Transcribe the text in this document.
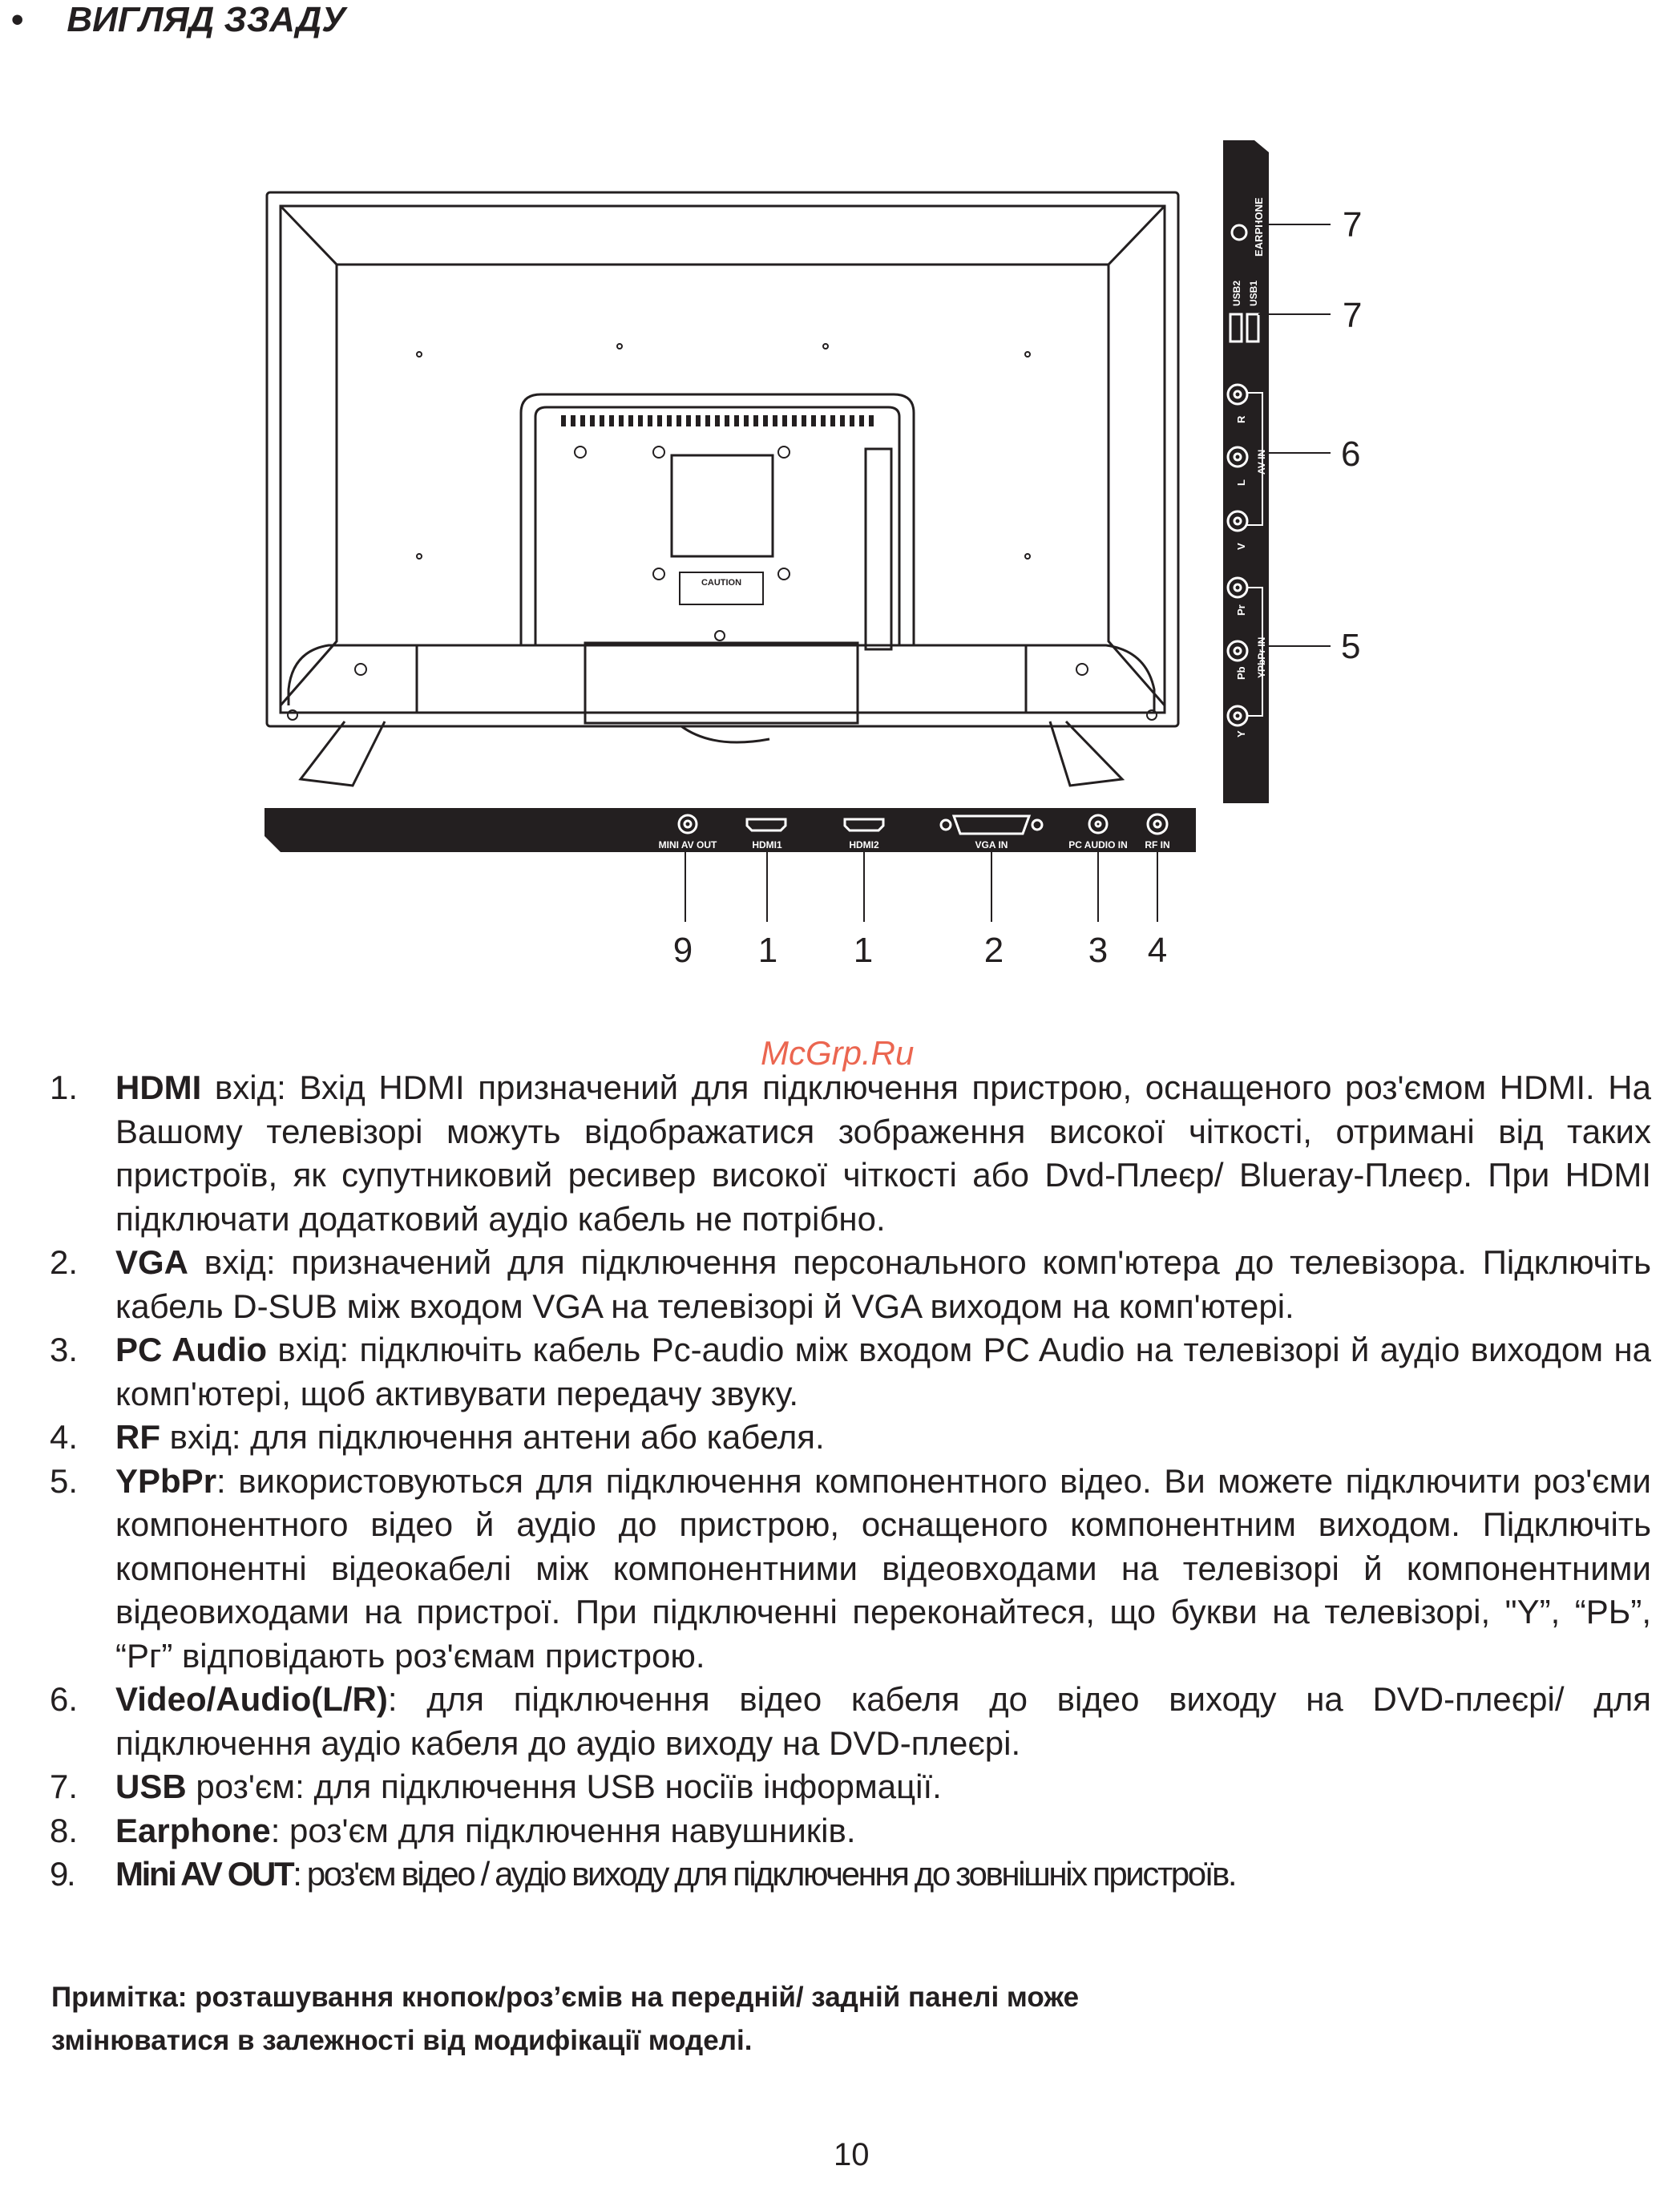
• ВИГЛЯД ЗЗАДУ
CAUTION
EARPHONE
USB2 USB1
R
L
V
AV IN
Pr
Pb YPbPr IN
Y
7
7
6
5
MINI AV OUT	HDMI1	HDMI2	VGA IN	PC AUDIO IN RF IN
9 1 1	2 3 4
1. HDMI вхід: Вхід HDMI призначений для підключення пристрою, оснащеного роз'ємом HDMI. На Вашому телевізорі можуть відображатися зображення високої чіткості, отримані від таких пристроїв, як супутниковий ресивер високої чіткості або Dvd-Плеєр/ Blueray-Плеєр. При HDMI підключати додатковий аудіо кабель не потрібно.
2. VGA вхід: призначений для підключення персонального комп'ютера до телевізора. Підключіть кабель D-SUB між входом VGA на телевізорі й VGA виходом на комп'ютері.
3. PC Audio вхід: підключіть кабель Pc-audio між входом PC Audio на телевізорі й аудіо виходом на комп'ютері, щоб активувати передачу звуку.
4. RF вхід: для підключення антени або кабеля.
5. YPbPr: використовуються для підключення компонентного відео. Ви можете підключити роз'єми компонентного відео й аудіо до пристрою, оснащеного компонентним виходом. Підключіть компонентні відеокабелі між компонентними відеовходами на телевізорі й компонентними відеовиходами на пристрої. При підключенні переконайтеся, що букви на телевізорі, "Y”, “РЬ”, “Рг” відповідають роз'ємам пристрою.
6. Video/Audio(L/R): для підключення відео кабеля до відео виходу на DVD-плеєрі/ для підключення аудіо кабеля до аудіо виходу на DVD-плеєрі.
7. USB роз'єм: для підключення USB носіїв інформації.
8. Earphone: роз'єм для підключення навушників.
9. Mini AV OUT: роз'єм відео / аудіо виходу для підключення до зовнішніх пристроїв.
McGrp.Ru
Примітка: розташування кнопок/роз’ємів на передній/ задній панелі може
змінюватися в залежності від модифікації моделі.
10
